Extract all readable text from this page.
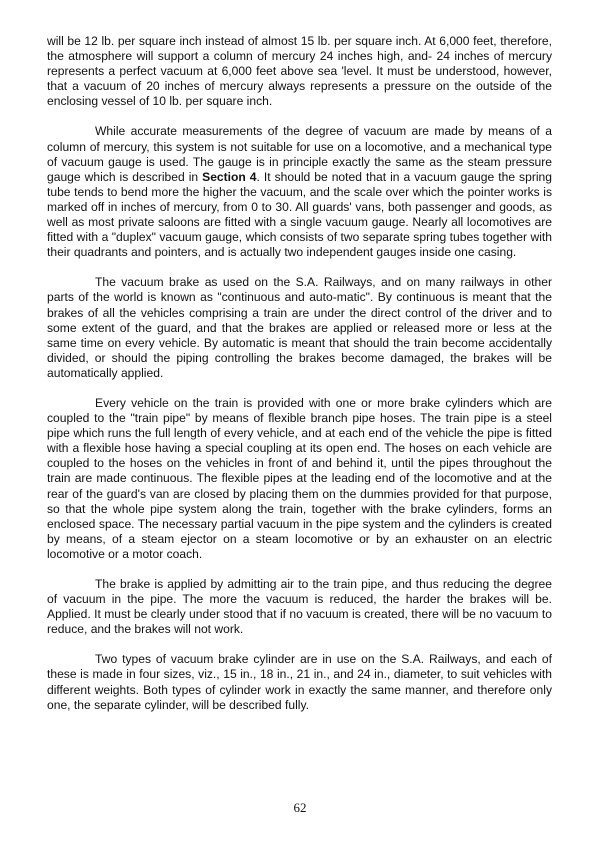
will be 12 lb. per square inch instead of almost 15 lb. per square inch. At 6,000 feet, therefore, the atmosphere will support a column of mercury 24 inches high, and- 24 inches of mercury represents a perfect vacuum at 6,000 feet above sea 'level. It must be understood, however, that a vacuum of 20 inches of mercury always represents a pressure on the outside of the enclosing vessel of 10 lb. per square inch.

While accurate measurements of the degree of vacuum are made by means of a column of mercury, this system is not suitable for use on a locomotive, and a mechanical type of vacuum gauge is used. The gauge is in principle exactly the same as the steam pressure gauge which is described in Section 4. It should be noted that in a vacuum gauge the spring tube tends to bend more the higher the vacuum, and the scale over which the pointer works is marked off in inches of mercury, from 0 to 30. All guards' vans, both passenger and goods, as well as most private saloons are fitted with a single vacuum gauge. Nearly all locomotives are fitted with a "duplex" vacuum gauge, which consists of two separate spring tubes together with their quadrants and pointers, and is actually two independent gauges inside one casing.

The vacuum brake as used on the S.A. Railways, and on many railways in other parts of the world is known as "continuous and auto-matic". By continuous is meant that the brakes of all the vehicles comprising a train are under the direct control of the driver and to some extent of the guard, and that the brakes are applied or released more or less at the same time on every vehicle. By automatic is meant that should the train become accidentally divided, or should the piping controlling the brakes become damaged, the brakes will be automatically applied.

Every vehicle on the train is provided with one or more brake cylinders which are coupled to the "train pipe" by means of flexible branch pipe hoses. The train pipe is a steel pipe which runs the full length of every vehicle, and at each end of the vehicle the pipe is fitted with a flexible hose having a special coupling at its open end. The hoses on each vehicle are coupled to the hoses on the vehicles in front of and behind it, until the pipes throughout the train are made continuous. The flexible pipes at the leading end of the locomotive and at the rear of the guard's van are closed by placing them on the dummies provided for that purpose, so that the whole pipe system along the train, together with the brake cylinders, forms an enclosed space. The necessary partial vacuum in the pipe system and the cylinders is created by means, of a steam ejector on a steam locomotive or by an exhauster on an electric locomotive or a motor coach.

The brake is applied by admitting air to the train pipe, and thus reducing the degree of vacuum in the pipe. The more the vacuum is reduced, the harder the brakes will be. Applied. It must be clearly under stood that if no vacuum is created, there will be no vacuum to reduce, and the brakes will not work.

Two types of vacuum brake cylinder are in use on the S.A. Railways, and each of these is made in four sizes, viz., 15 in., 18 in., 21 in., and 24 in., diameter, to suit vehicles with different weights. Both types of cylinder work in exactly the same manner, and therefore only one, the separate cylinder, will be described fully.

62
